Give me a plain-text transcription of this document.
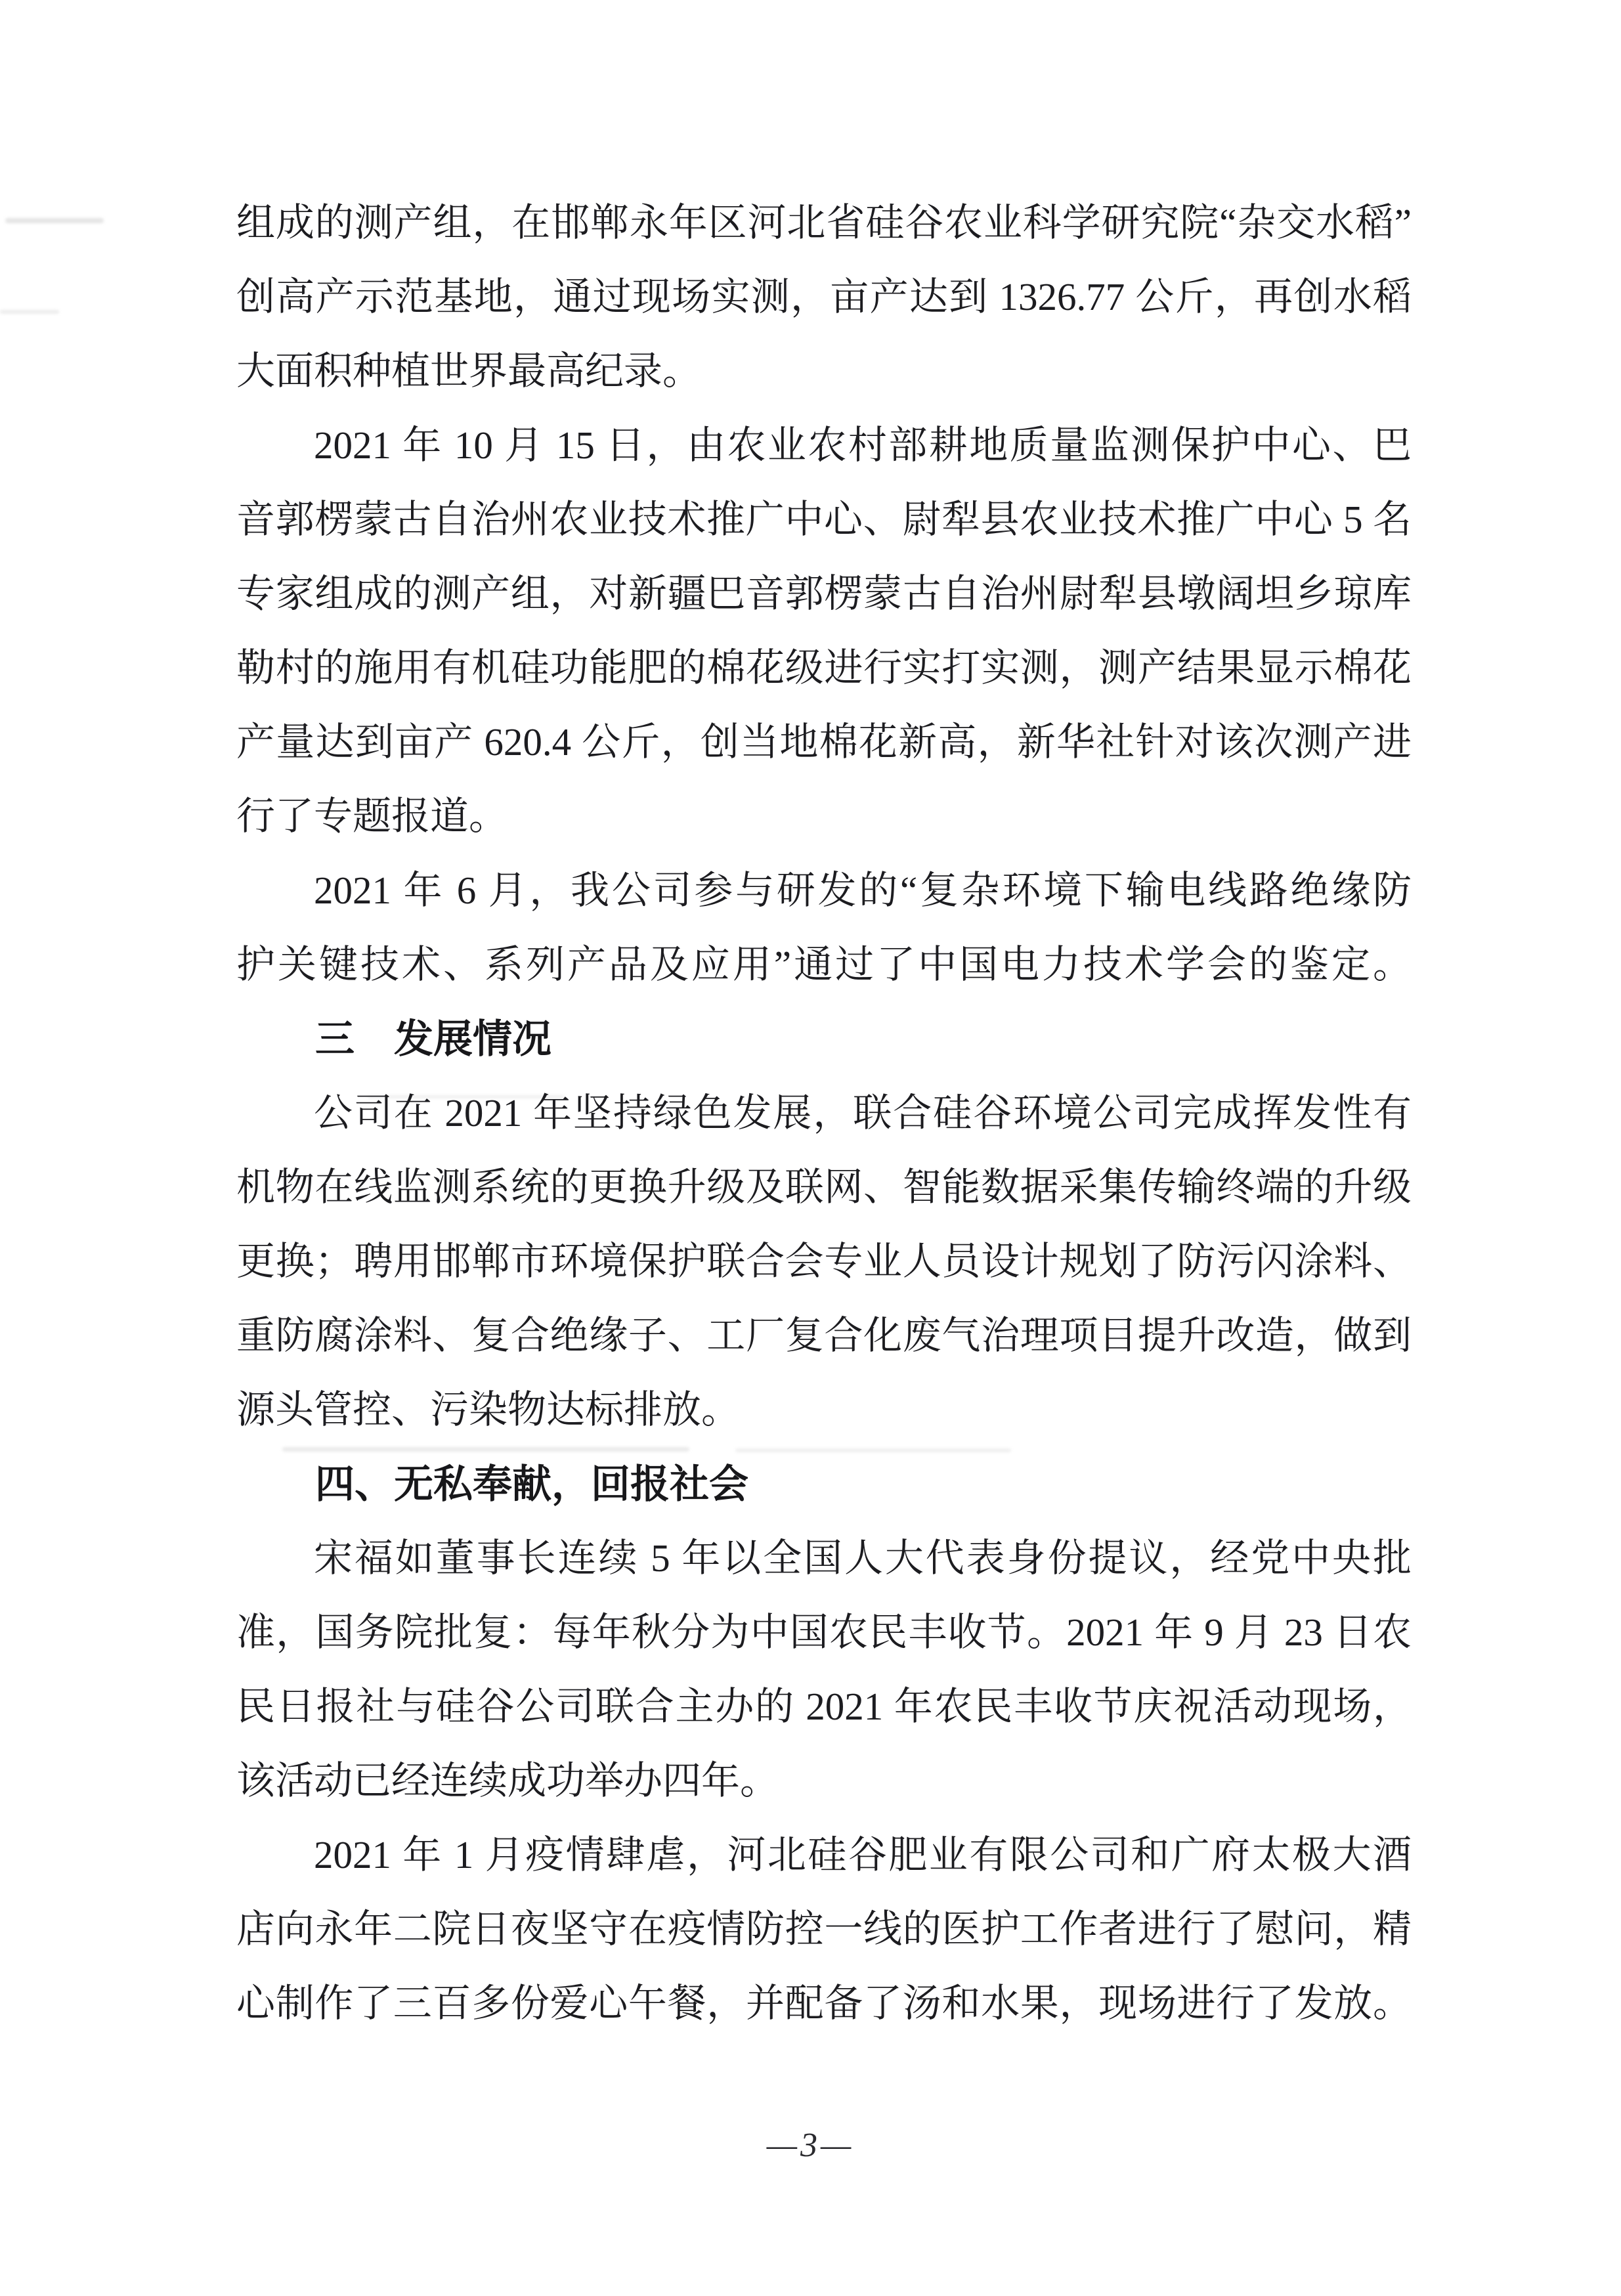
组成的测产组，在邯郸永年区河北省硅谷农业科学研究院“杂交水稻”
创高产示范基地，通过现场实测，亩产达到 1326.77 公斤，再创水稻
大面积种植世界最高纪录。
2021 年 10 月 15 日，由农业农村部耕地质量监测保护中心、巴
音郭楞蒙古自治州农业技术推广中心、尉犁县农业技术推广中心 5 名
专家组成的测产组，对新疆巴音郭楞蒙古自治州尉犁县墩阔坦乡琼库
勒村的施用有机硅功能肥的棉花级进行实打实测，测产结果显示棉花
产量达到亩产 620.4 公斤，创当地棉花新高，新华社针对该次测产进
行了专题报道。
2021 年 6 月，我公司参与研发的“复杂环境下输电线路绝缘防
护关键技术、系列产品及应用”通过了中国电力技术学会的鉴定。
三　发展情况
公司在 2021 年坚持绿色发展，联合硅谷环境公司完成挥发性有
机物在线监测系统的更换升级及联网、智能数据采集传输终端的升级
更换；聘用邯郸市环境保护联合会专业人员设计规划了防污闪涂料、
重防腐涂料、复合绝缘子、工厂复合化废气治理项目提升改造，做到
源头管控、污染物达标排放。
四、无私奉献，回报社会
宋福如董事长连续 5 年以全国人大代表身份提议，经党中央批
准，国务院批复：每年秋分为中国农民丰收节。2021 年 9 月 23 日农
民日报社与硅谷公司联合主办的 2021 年农民丰收节庆祝活动现场，
该活动已经连续成功举办四年。
2021 年 1 月疫情肆虐，河北硅谷肥业有限公司和广府太极大酒
店向永年二院日夜坚守在疫情防控一线的医护工作者进行了慰问，精
心制作了三百多份爱心午餐，并配备了汤和水果，现场进行了发放。
—3—
